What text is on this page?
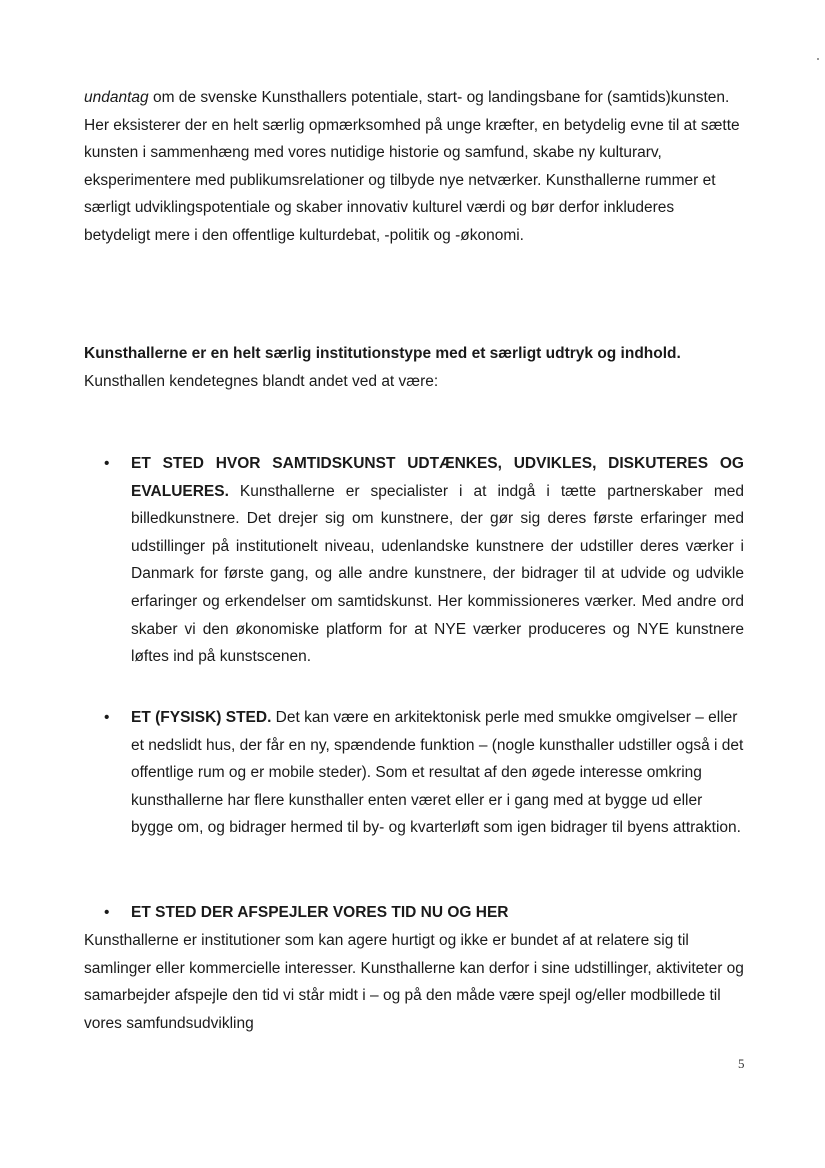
undantag om de svenske Kunsthallers potentiale, start- og landingsbane for (samtids)kunsten. Her eksisterer der en helt særlig opmærksomhed på unge kræfter, en betydelig evne til at sætte kunsten i sammenhæng med vores nutidige historie og samfund, skabe ny kulturarv, eksperimentere med publikumsrelationer og tilbyde nye netværker. Kunsthallerne rummer et særligt udviklingspotentiale og skaber innovativ kulturel værdi og bør derfor inkluderes betydeligt mere i den offentlige kulturdebat, -politik og -økonomi.

Kunsthallerne er en helt særlig institutionstype med et særligt udtryk og indhold.
Kunsthallen kendetegnes blandt andet ved at være:
•	ET STED HVOR SAMTIDSKUNST UDTÆNKES, UDVIKLES, DISKUTERES OG EVALUERES. Kunsthallerne er specialister i at indgå i tætte partnerskaber med billedkunstnere. Det drejer sig om kunstnere, der gør sig deres første erfaringer med udstillinger på institutionelt niveau, udenlandske kunstnere der udstiller deres værker i Danmark for første gang, og alle andre kunstnere, der bidrager til at udvide og udvikle erfaringer og erkendelser om samtidskunst. Her kommissioneres værker. Med andre ord skaber vi den økonomiske platform for at NYE værker produceres og NYE kunstnere løftes ind på kunstscenen.
•	ET (FYSISK) STED. Det kan være en arkitektonisk perle med smukke omgivelser – eller et nedslidt hus, der får en ny, spændende funktion – (nogle kunsthaller udstiller også i det offentlige rum og er mobile steder). Som et resultat af den øgede interesse omkring kunsthallerne har flere kunsthaller enten været eller er i gang med at bygge ud eller bygge om, og bidrager hermed til by- og kvarterløft som igen bidrager til byens attraktion.
•	ET STED DER AFSPEJLER VORES TID NU OG HER

Kunsthallerne er institutioner som kan agere hurtigt og ikke er bundet af at relatere sig til samlinger eller kommercielle interesser. Kunsthallerne kan derfor i sine udstillinger, aktiviteter og samarbejder afspejle den tid vi står midt i – og på den måde være spejl og/eller modbillede til vores samfundsudvikling

5
